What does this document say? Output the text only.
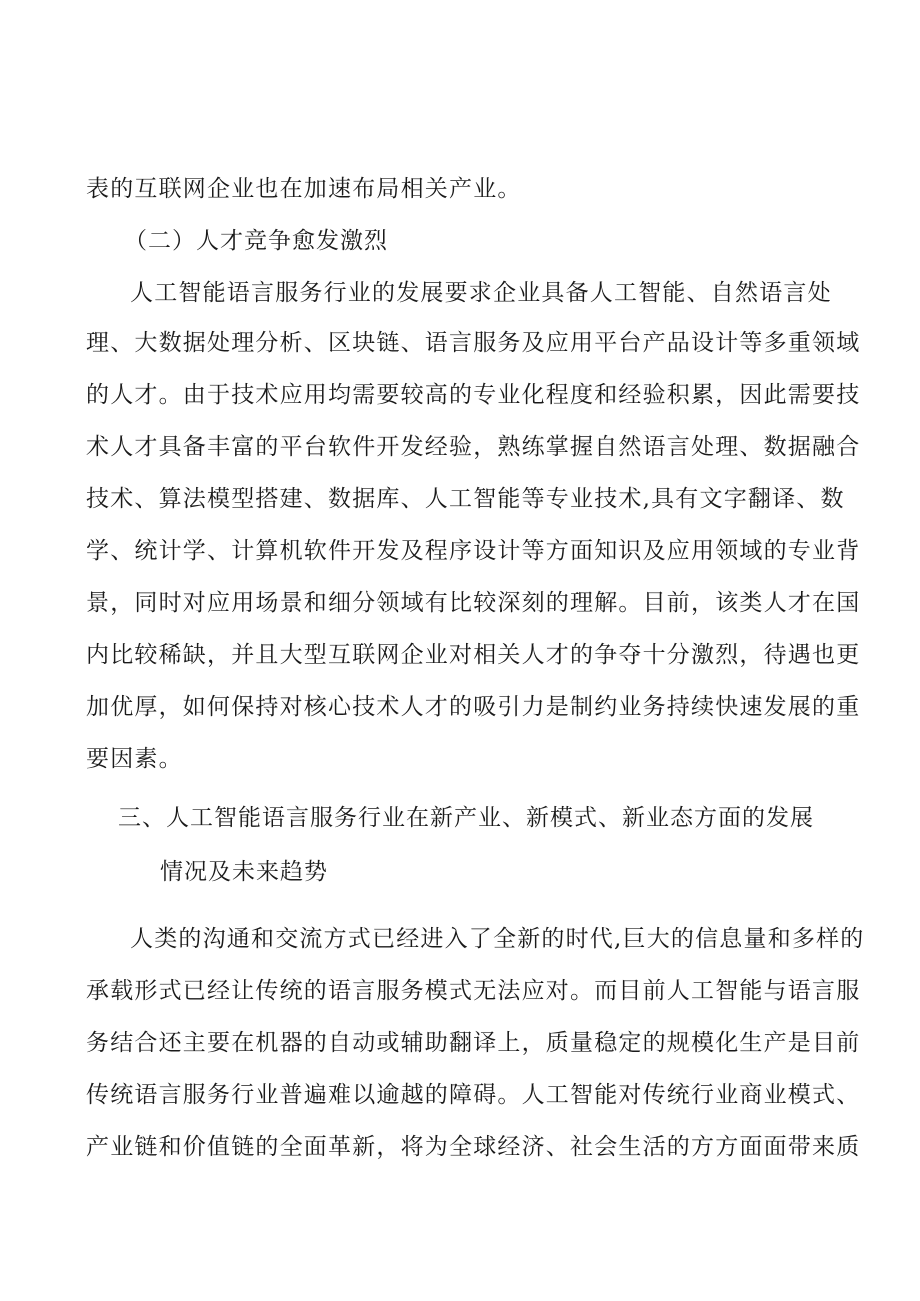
表的互联网企业也在加速布局相关产业。
（二）人才竞争愈发激烈
人工智能语言服务行业的发展要求企业具备人工智能、自然语言处
理、大数据处理分析、区块链、语言服务及应用平台产品设计等多重领域
的人才。由于技术应用均需要较高的专业化程度和经验积累，因此需要技
术人才具备丰富的平台软件开发经验，熟练掌握自然语言处理、数据融合
技术、算法模型搭建、数据库、人工智能等专业技术,具有文字翻译、数
学、统计学、计算机软件开发及程序设计等方面知识及应用领域的专业背
景，同时对应用场景和细分领域有比较深刻的理解。目前，该类人才在国
内比较稀缺，并且大型互联网企业对相关人才的争夺十分激烈，待遇也更
加优厚，如何保持对核心技术人才的吸引力是制约业务持续快速发展的重
要因素。
三、人工智能语言服务行业在新产业、新模式、新业态方面的发展
情况及未来趋势
人类的沟通和交流方式已经进入了全新的时代,巨大的信息量和多样的
承载形式已经让传统的语言服务模式无法应对。而目前人工智能与语言服
务结合还主要在机器的自动或辅助翻译上，质量稳定的规模化生产是目前
传统语言服务行业普遍难以逾越的障碍。人工智能对传统行业商业模式、
产业链和价值链的全面革新，将为全球经济、社会生活的方方面面带来质
